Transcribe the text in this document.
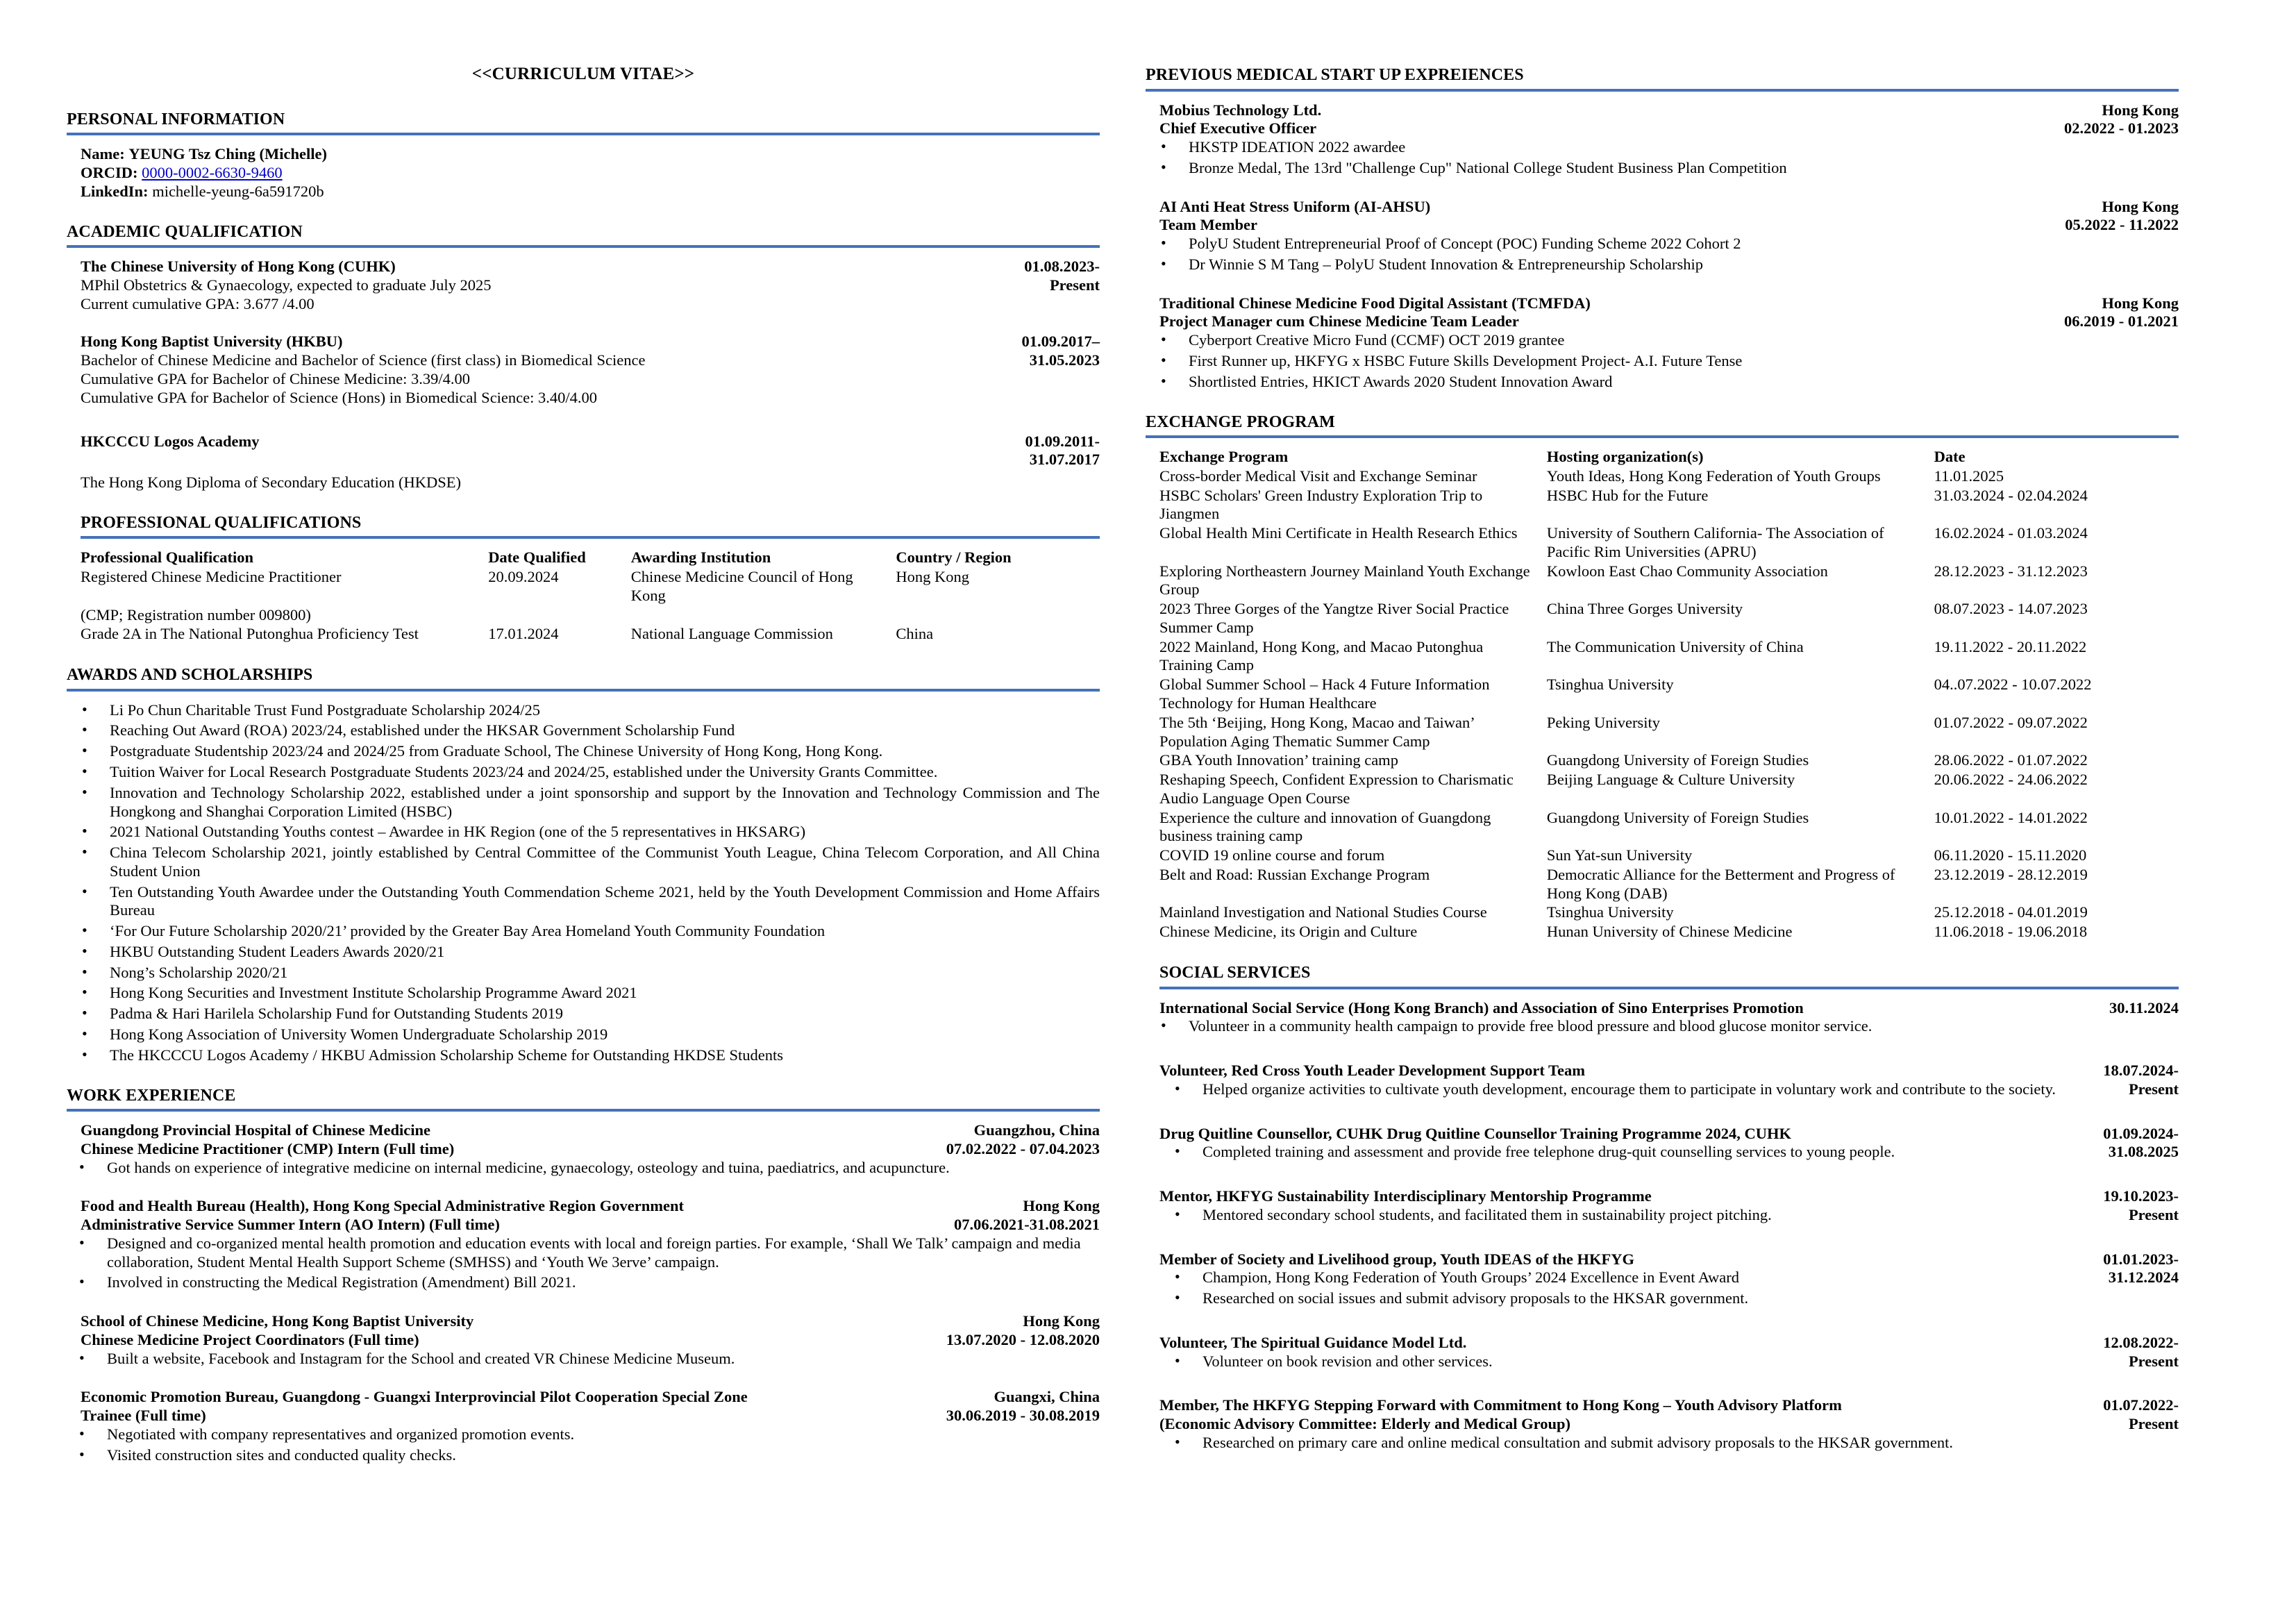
<<CURRICULUM VITAE>>
PERSONAL INFORMATION
Name: YEUNG Tsz Ching (Michelle)
ORCID: 0000-0002-6630-9460
LinkedIn: michelle-yeung-6a591720b
ACADEMIC QUALIFICATION
The Chinese University of Hong Kong (CUHK)
MPhil Obstetrics & Gynaecology, expected to graduate July 2025
Current cumulative GPA: 3.677 /4.00
01.08.2023-
Present
Hong Kong Baptist University (HKBU)
Bachelor of Chinese Medicine and Bachelor of Science (first class) in Biomedical Science
Cumulative GPA for Bachelor of Chinese Medicine: 3.39/4.00
Cumulative GPA for Bachelor of Science (Hons) in Biomedical Science: 3.40/4.00
01.09.2017–
31.05.2023
HKCCCU Logos Academy	01.09.2011-
31.07.2017
The Hong Kong Diploma of Secondary Education (HKDSE)
PROFESSIONAL QUALIFICATIONS
Professional Qualification	Date Qualified	Awarding Institution	Country / Region
Registered Chinese Medicine Practitioner	20.09.2024	Chinese Medicine Council of Hong Kong	Hong Kong
(CMP; Registration number 009800)			
Grade 2A in The National Putonghua Proficiency Test	17.01.2024	National Language Commission	China
AWARDS AND SCHOLARSHIPS
• Li Po Chun Charitable Trust Fund Postgraduate Scholarship 2024/25
• Reaching Out Award (ROA) 2023/24, established under the HKSAR Government Scholarship Fund
• Postgraduate Studentship 2023/24 and 2024/25 from Graduate School, The Chinese University of Hong Kong, Hong Kong.
• Tuition Waiver for Local Research Postgraduate Students 2023/24 and 2024/25, established under the University Grants Committee.
• Innovation and Technology Scholarship 2022, established under a joint sponsorship and support by the Innovation and Technology Commission and The Hongkong and Shanghai Corporation Limited (HSBC)
• 2021 National Outstanding Youths contest – Awardee in HK Region (one of the 5 representatives in HKSARG)
• China Telecom Scholarship 2021, jointly established by Central Committee of the Communist Youth League, China Telecom Corporation, and All China Student Union
• Ten Outstanding Youth Awardee under the Outstanding Youth Commendation Scheme 2021, held by the Youth Development Commission and Home Affairs Bureau
• ‘For Our Future Scholarship 2020/21’ provided by the Greater Bay Area Homeland Youth Community Foundation
• HKBU Outstanding Student Leaders Awards 2020/21
• Nong’s Scholarship 2020/21
• Hong Kong Securities and Investment Institute Scholarship Programme Award 2021
• Padma & Hari Harilela Scholarship Fund for Outstanding Students 2019
• Hong Kong Association of University Women Undergraduate Scholarship 2019
• The HKCCCU Logos Academy / HKBU Admission Scholarship Scheme for Outstanding HKDSE Students
WORK EXPERIENCE
Guangdong Provincial Hospital of Chinese Medicine
Chinese Medicine Practitioner (CMP) Intern (Full time)
Guangzhou, China
07.02.2022 - 07.04.2023
• Got hands on experience of integrative medicine on internal medicine, gynaecology, osteology and tuina, paediatrics, and acupuncture.
Food and Health Bureau (Health), Hong Kong Special Administrative Region Government
Administrative Service Summer Intern (AO Intern) (Full time)
Hong Kong
07.06.2021-31.08.2021
• Designed and co-organized mental health promotion and education events with local and foreign parties. For example, ‘Shall We Talk’ campaign and media collaboration, Student Mental Health Support Scheme (SMHSS) and ‘Youth We 3erve’ campaign.
• Involved in constructing the Medical Registration (Amendment) Bill 2021.
School of Chinese Medicine, Hong Kong Baptist University
Chinese Medicine Project Coordinators (Full time)
Hong Kong
13.07.2020 - 12.08.2020
• Built a website, Facebook and Instagram for the School and created VR Chinese Medicine Museum.
Economic Promotion Bureau, Guangdong - Guangxi Interprovincial Pilot Cooperation Special Zone
Trainee (Full time)
Guangxi, China
30.06.2019 - 30.08.2019
• Negotiated with company representatives and organized promotion events.
• Visited construction sites and conducted quality checks.
PREVIOUS MEDICAL START UP EXPREIENCES
Mobius Technology Ltd.
Chief Executive Officer
Hong Kong
02.2022 - 01.2023
• HKSTP IDEATION 2022 awardee
• Bronze Medal, The 13rd "Challenge Cup" National College Student Business Plan Competition
AI Anti Heat Stress Uniform (AI-AHSU)
Team Member
Hong Kong
05.2022 - 11.2022
• PolyU Student Entrepreneurial Proof of Concept (POC) Funding Scheme 2022 Cohort 2
• Dr Winnie S M Tang – PolyU Student Innovation & Entrepreneurship Scholarship
Traditional Chinese Medicine Food Digital Assistant (TCMFDA)
Project Manager cum Chinese Medicine Team Leader
Hong Kong
06.2019 - 01.2021
• Cyberport Creative Micro Fund (CCMF) OCT 2019 grantee
• First Runner up, HKFYG x HSBC Future Skills Development Project- A.I. Future Tense
• Shortlisted Entries, HKICT Awards 2020 Student Innovation Award
EXCHANGE PROGRAM
Exchange Program	Hosting organization(s)	Date
Cross-border Medical Visit and Exchange Seminar	Youth Ideas, Hong Kong Federation of Youth Groups	11.01.2025
HSBC Scholars' Green Industry Exploration Trip to Jiangmen	HSBC Hub for the Future	31.03.2024 - 02.04.2024
Global Health Mini Certificate in Health Research Ethics	University of Southern California- The Association of Pacific Rim Universities (APRU)	16.02.2024 - 01.03.2024
Exploring Northeastern Journey Mainland Youth Exchange Group	Kowloon East Chao Community Association	28.12.2023 - 31.12.2023
2023 Three Gorges of the Yangtze River Social Practice Summer Camp	China Three Gorges University	08.07.2023 - 14.07.2023
2022 Mainland, Hong Kong, and Macao Putonghua Training Camp	The Communication University of China	19.11.2022 - 20.11.2022
Global Summer School – Hack 4 Future Information Technology for Human Healthcare	Tsinghua University	04..07.2022 - 10.07.2022
The 5th ‘Beijing, Hong Kong, Macao and Taiwan’ Population Aging Thematic Summer Camp	Peking University	01.07.2022 - 09.07.2022
GBA Youth Innovation’ training camp	Guangdong University of Foreign Studies	28.06.2022 - 01.07.2022
Reshaping Speech, Confident Expression to Charismatic Audio Language Open Course	Beijing Language & Culture University	20.06.2022 - 24.06.2022
Experience the culture and innovation of Guangdong business training camp	Guangdong University of Foreign Studies	10.01.2022 - 14.01.2022
COVID 19 online course and forum	Sun Yat-sun University	06.11.2020 - 15.11.2020
Belt and Road: Russian Exchange Program	Democratic Alliance for the Betterment and Progress of Hong Kong (DAB)	23.12.2019 - 28.12.2019
Mainland Investigation and National Studies Course	Tsinghua University	25.12.2018 - 04.01.2019
Chinese Medicine, its Origin and Culture	Hunan University of Chinese Medicine	11.06.2018 - 19.06.2018
SOCIAL SERVICES
International Social Service (Hong Kong Branch) and Association of Sino Enterprises Promotion	30.11.2024
• Volunteer in a community health campaign to provide free blood pressure and blood glucose monitor service.
Volunteer, Red Cross Youth Leader Development Support Team	18.07.2024-
• Helped organize activities to cultivate youth development, encourage them to participate in voluntary work and contribute to the society.	Present
Drug Quitline Counsellor, CUHK Drug Quitline Counsellor Training Programme 2024, CUHK	01.09.2024-
• Completed training and assessment and provide free telephone drug-quit counselling services to young people.	31.08.2025
Mentor, HKFYG Sustainability Interdisciplinary Mentorship Programme	19.10.2023-
• Mentored secondary school students, and facilitated them in sustainability project pitching.	Present
Member of Society and Livelihood group, Youth IDEAS of the HKFYG	01.01.2023-
• Champion, Hong Kong Federation of Youth Groups’ 2024 Excellence in Event Award
• Researched on social issues and submit advisory proposals to the HKSAR government.
31.12.2024
Volunteer, The Spiritual Guidance Model Ltd.	12.08.2022-
• Volunteer on book revision and other services.	Present
Member, The HKFYG Stepping Forward with Commitment to Hong Kong – Youth Advisory Platform
(Economic Advisory Committee: Elderly and Medical Group)
01.07.2022-
Present
• Researched on primary care and online medical consultation and submit advisory proposals to the HKSAR government.
